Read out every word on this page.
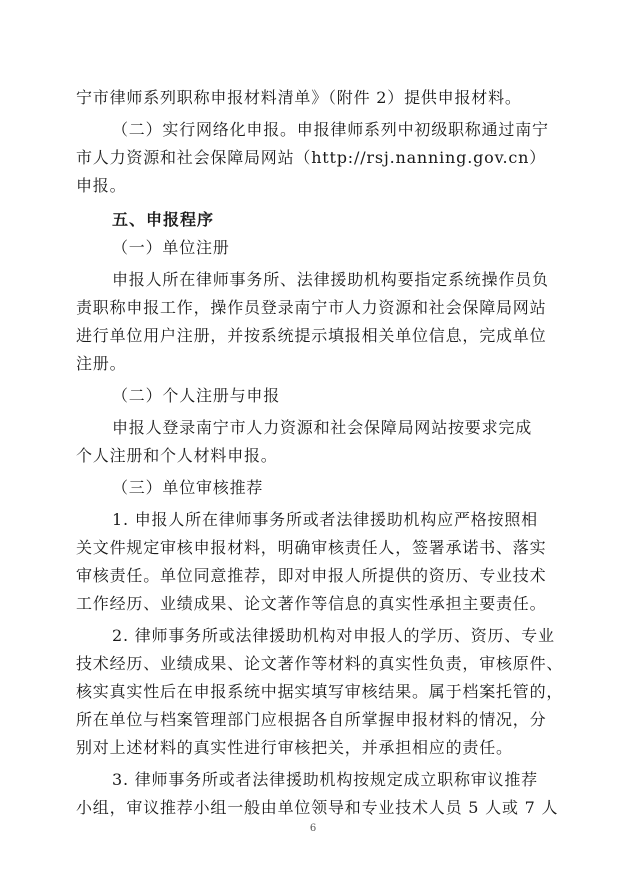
宁市律师系列职称申报材料清单》（附件 2）提供申报材料。
（二）实行网络化申报。申报律师系列中初级职称通过南宁
市人力资源和社会保障局网站（http://rsj.nanning.gov.cn）
申报。
五、申报程序
（一）单位注册
申报人所在律师事务所、法律援助机构要指定系统操作员负
责职称申报工作，操作员登录南宁市人力资源和社会保障局网站
进行单位用户注册，并按系统提示填报相关单位信息，完成单位
注册。
（二）个人注册与申报
申报人登录南宁市人力资源和社会保障局网站按要求完成
个人注册和个人材料申报。
（三）单位审核推荐
1. 申报人所在律师事务所或者法律援助机构应严格按照相
关文件规定审核申报材料，明确审核责任人，签署承诺书、落实
审核责任。单位同意推荐，即对申报人所提供的资历、专业技术
工作经历、业绩成果、论文著作等信息的真实性承担主要责任。
2. 律师事务所或法律援助机构对申报人的学历、资历、专业
技术经历、业绩成果、论文著作等材料的真实性负责，审核原件、
核实真实性后在申报系统中据实填写审核结果。属于档案托管的，
所在单位与档案管理部门应根据各自所掌握申报材料的情况，分
别对上述材料的真实性进行审核把关，并承担相应的责任。
3. 律师事务所或者法律援助机构按规定成立职称审议推荐
小组，审议推荐小组一般由单位领导和专业技术人员 5 人或 7 人
6
